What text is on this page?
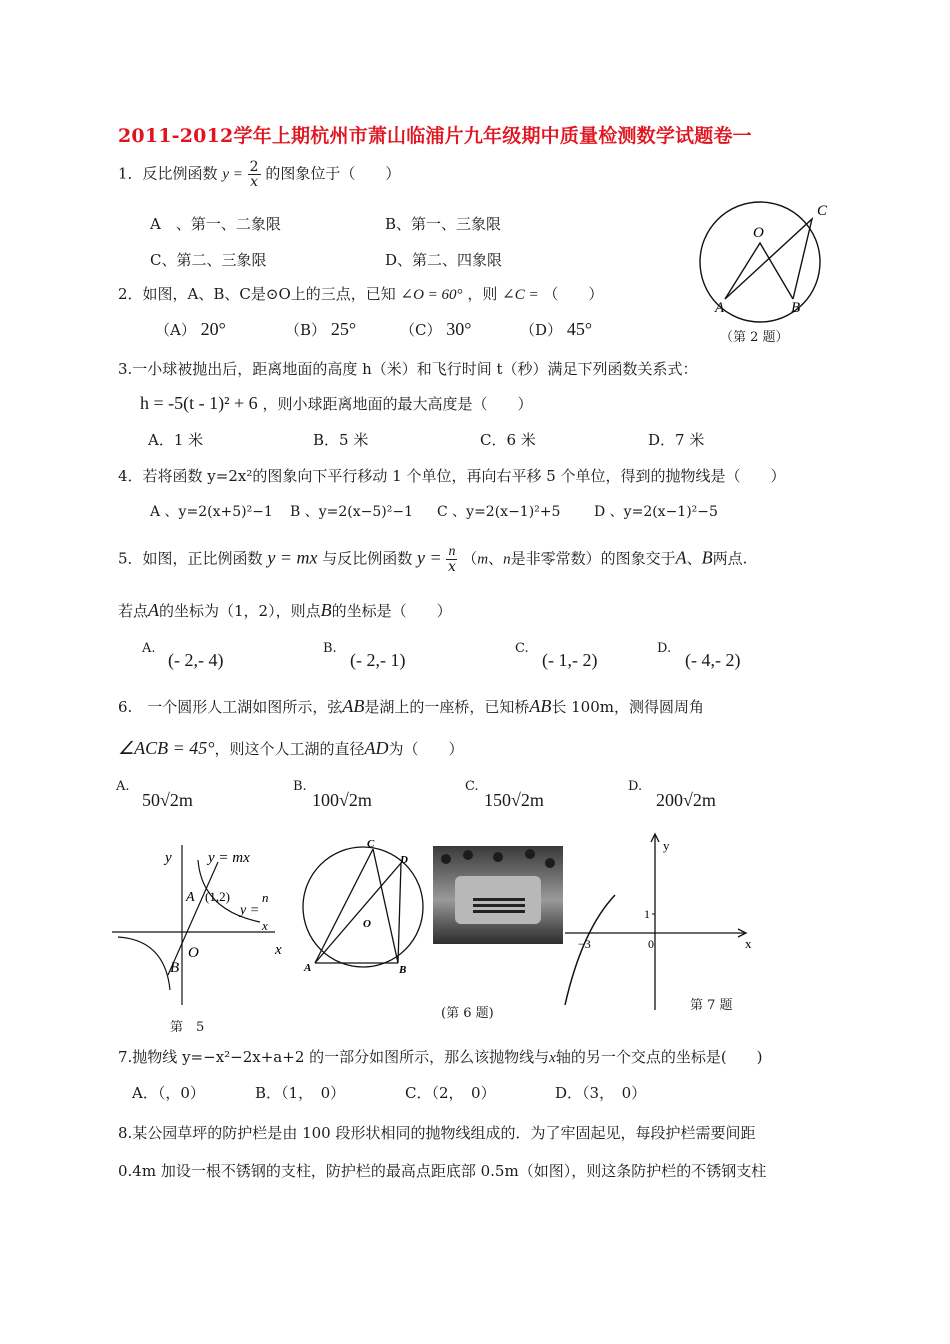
2011-2012学年上期杭州市萧山临浦片九年级期中质量检测数学试题卷一
1．反比例函数 $y = \frac{2}{x}$ 的图象位于（　　）
A　、第一、二象限	B、第一、三象限
C、第二、三象限	D、第二、四象限
O
A	B
C
（第 2 题）
2．如图，A、B、C是⊙O上的三点，已知 ∠O = 60° ，则 ∠C = （　　）
（A） 20°	（B） 25°	（C） 30°	（D） 45°
3.一小球被抛出后，距离地面的高度 h（米）和飞行时间 t（秒）满足下列函数关系式：
h = -5(t - 1)² + 6 ，则小球距离地面的最大高度是（　　）
A．1 米	B．5 米	C．6 米	D．7 米
4．若将函数 y=2x²的图象向下平行移动 1 个单位，再向右平移 5 个单位，得到的抛物线是（　　）
A 、y=2(x+5)²−1 B 、y=2(x−5)²−1 C 、y=2(x−1)²+5 D 、y=2(x−1)²−5
5．如图，正比例函数 y = mx 与反比例函数 $y = \frac{n}{x} (m$、n是非零常数）的图象交于A、B两点.
若点A的坐标为（1，2），则点B的坐标是（　　）
A.
(- 2,- 4)
B.
(- 2,- 1)
C.
(- 1,- 2)
D.
(- 4,- 2)
6.　一个圆形人工湖如图所示，弦AB是湖上的一座桥，已知桥AB长 100m，测得圆周角
∠ACB = 45°，则这个人工湖的直径AD为（　　）
A.
50√2m
B.
100√2m
C.
150√2m
D.
200√2m
y y = mx
A (1,2)
y =
n
x
O	x
B
第　5
C
D
O
A	B
(第 6 题)
y
1
−3	0	x
第 7 题
7.抛物线 y=−x²−2x+a+2 的一部分如图所示，那么该抛物线与x轴的另一个交点的坐标是(　　)
A．（，0）	B．（1，　0）	C．（2，　0）	D．（3，　0）
8.某公园草坪的防护栏是由 100 段形状相同的抛物线组成的．为了牢固起见，每段护栏需要间距
0.4m 加设一根不锈钢的支柱，防护栏的最高点距底部 0.5m（如图），则这条防护栏的不锈钢支柱
